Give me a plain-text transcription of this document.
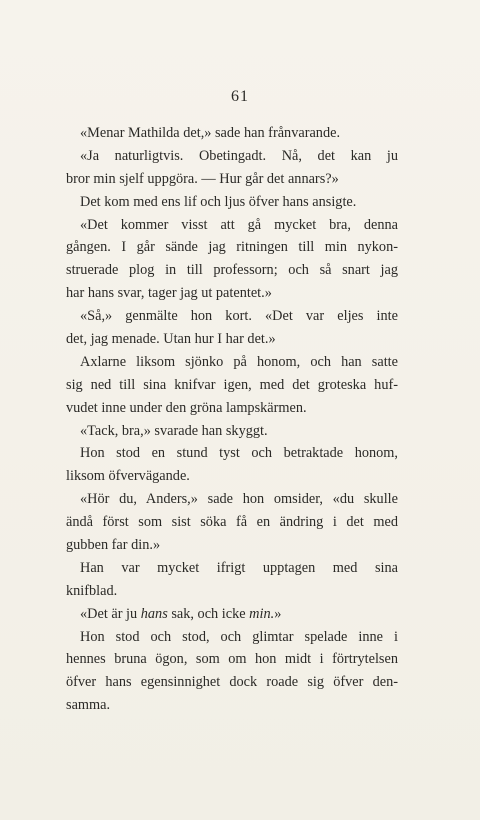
61
«Menar Mathilda det,» sade han frånvarande.
«Ja naturligtvis. Obetingadt. Nå, det kan ju
bror min sjelf uppgöra. — Hur går det annars?»
Det kom med ens lif och ljus öfver hans ansigte.
«Det kommer visst att gå mycket bra, denna
gången. I går sände jag ritningen till min nykon-
struerade plog in till professorn; och så snart jag
har hans svar, tager jag ut patentet.»
«Så,» genmälte hon kort. «Det var eljes inte
det, jag menade. Utan hur I har det.»
Axlarne liksom sjönko på honom, och han satte
sig ned till sina knifvar igen, med det groteska huf-
vudet inne under den gröna lampskärmen.
«Tack, bra,» svarade han skyggt.
Hon stod en stund tyst och betraktade honom,
liksom öfvervägande.
«Hör du, Anders,» sade hon omsider, «du skulle
ändå först som sist söka få en ändring i det med
gubben far din.»
Han var mycket ifrigt upptagen med sina
knifblad.
«Det är ju hans sak, och icke min.»
Hon stod och stod, och glimtar spelade inne i
hennes bruna ögon, som om hon midt i förtrytelsen
öfver hans egensinnighet dock roade sig öfver den-
samma.
